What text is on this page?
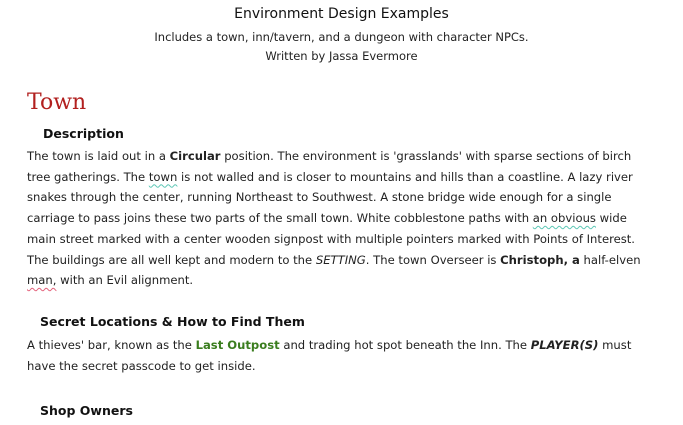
Environment Design Examples
Includes a town, inn/tavern, and a dungeon with character NPCs.
Written by Jassa Evermore
Town
Description
The town is laid out in a Circular position. The environment is 'grasslands' with sparse sections of birch
tree gatherings. The town is not walled and is closer to mountains and hills than a coastline. A lazy river
snakes through the center, running Northeast to Southwest. A stone bridge wide enough for a single
carriage to pass joins these two parts of the small town. White cobblestone paths with an obvious wide
main street marked with a center wooden signpost with multiple pointers marked with Points of Interest.
The buildings are all well kept and modern to the SETTING. The town Overseer is Christoph, a half-elven
man, with an Evil alignment.
Secret Locations & How to Find Them
A thieves' bar, known as the Last Outpost and trading hot spot beneath the Inn. The PLAYER(S) must
have the secret passcode to get inside.
Shop Owners
